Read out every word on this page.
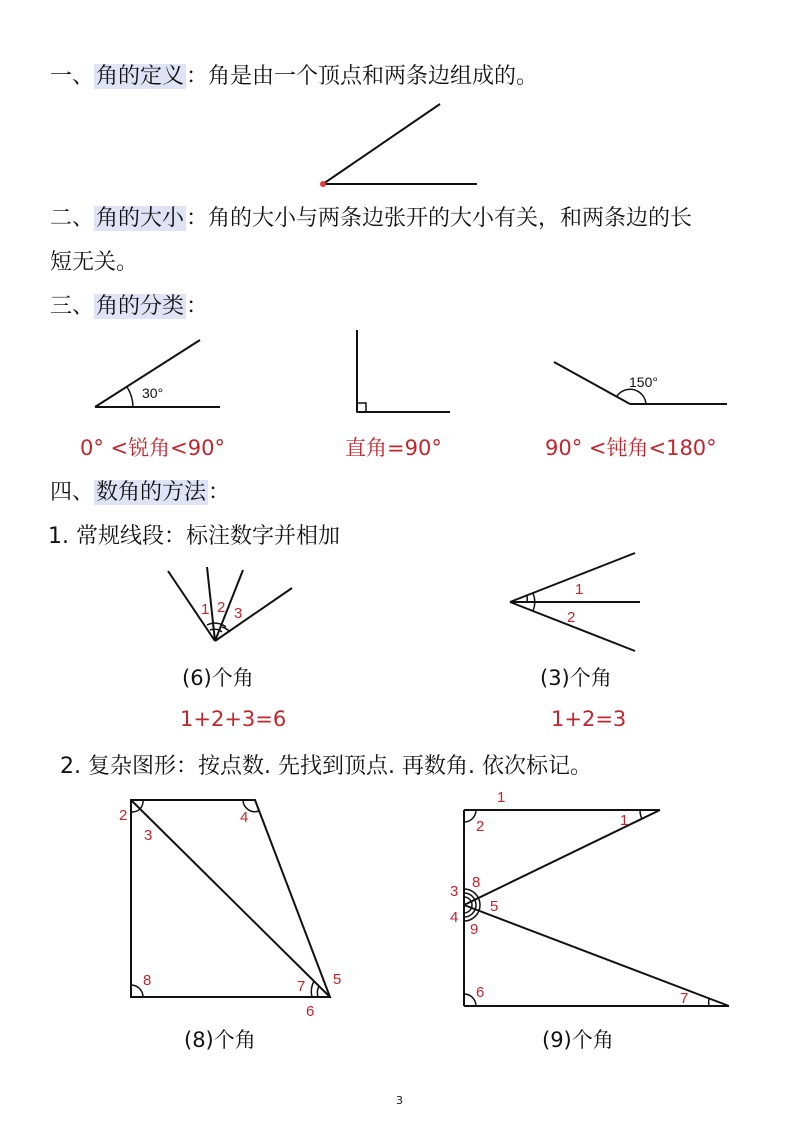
一、角的定义：角是由一个顶点和两条边组成的。
二、角的大小：角的大小与两条边张开的大小有关，和两条边的长
短无关。
三、角的分类：
0° <锐角<90°	直角=90°	90° <钝角<180°
四、数角的方法：
1. 常规线段：标注数字并相加
(6)个角
1+2+3=6
(3)个角
1+2=3
2. 复杂图形：按点数. 先找到顶点. 再数角. 依次标记。
(8)个角	(9)个角
3
30°
150°
1 2 3
1
2
2
3
4
8	7 5
6
1
2	1
3
8
5
4
9
6	7
